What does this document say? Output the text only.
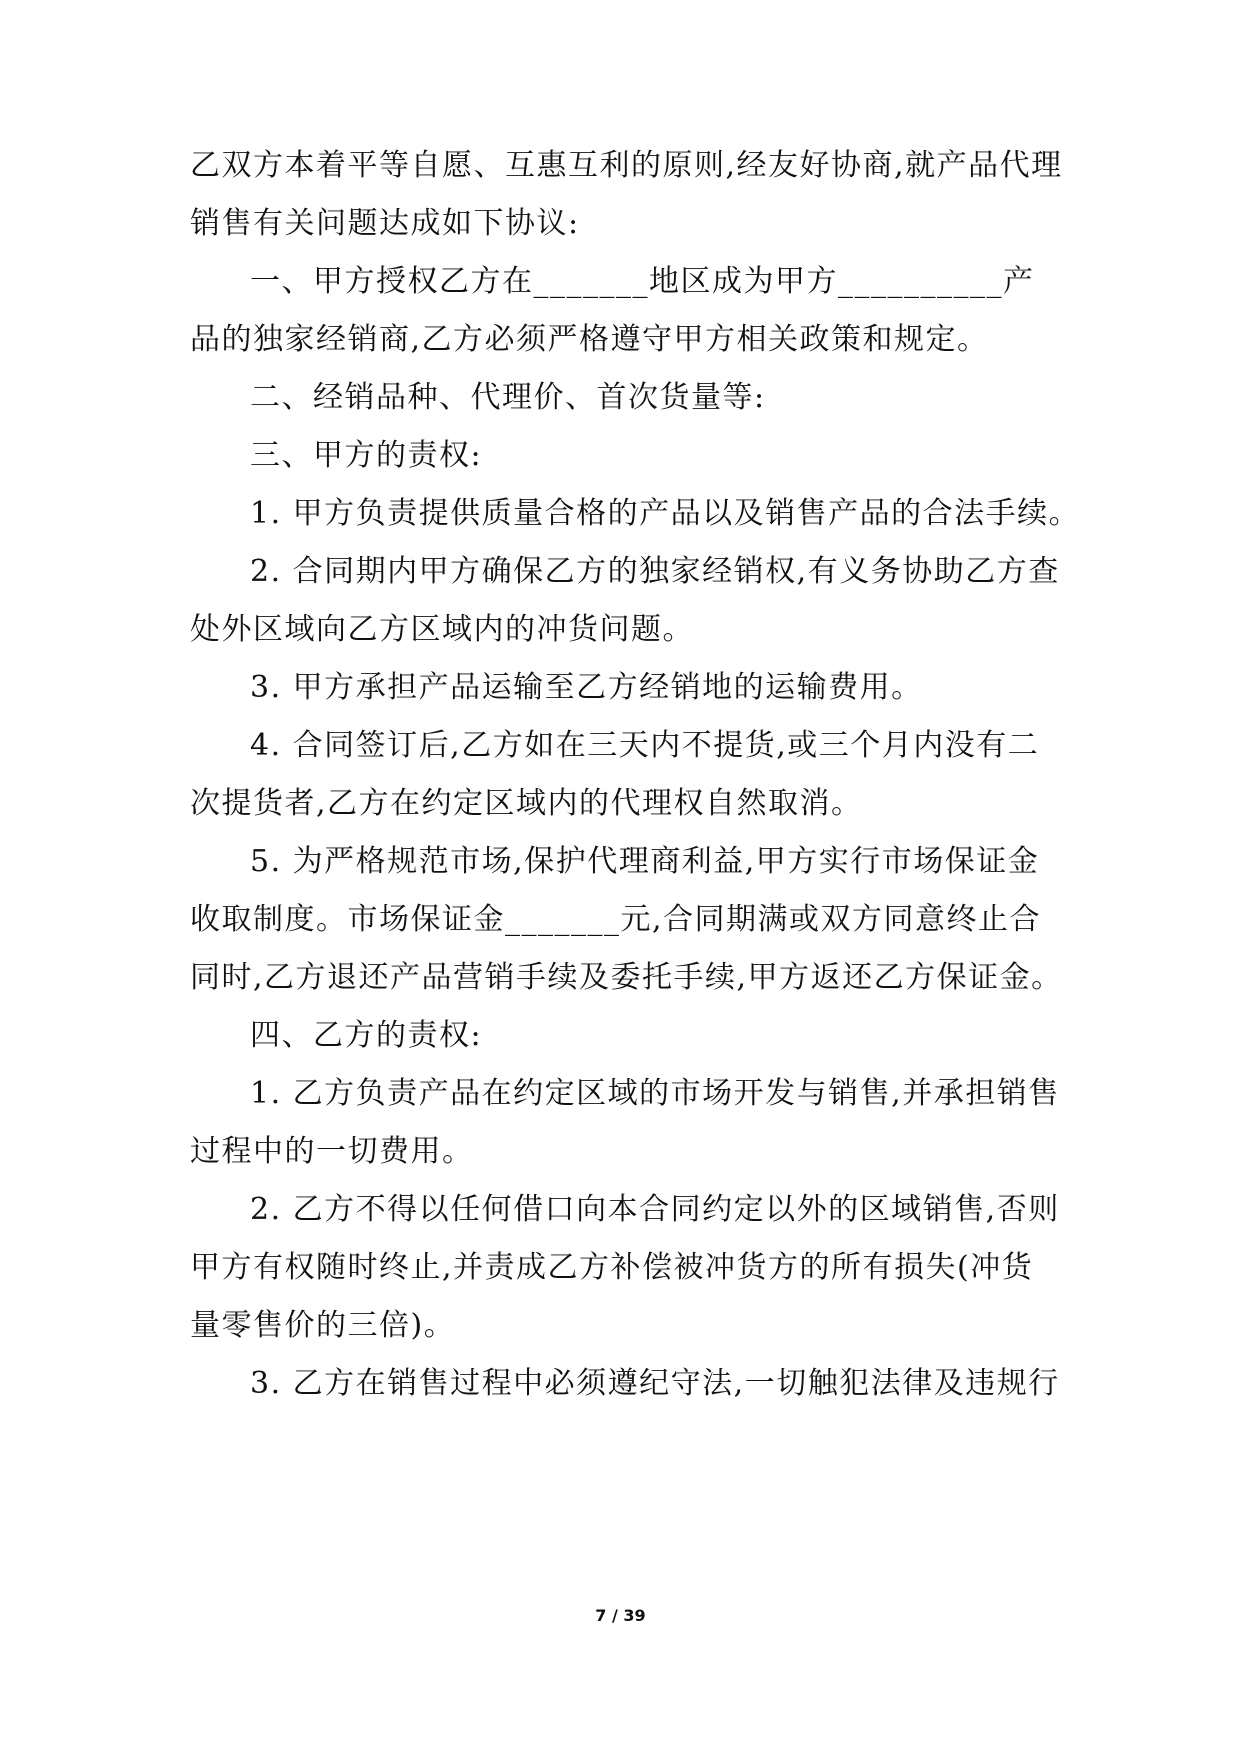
乙双方本着平等自愿、互惠互利的原则,经友好协商,就产品代理
销售有关问题达成如下协议:
一、甲方授权乙方在_______地区成为甲方__________产
品的独家经销商,乙方必须严格遵守甲方相关政策和规定。
二、经销品种、代理价、首次货量等:
三、甲方的责权:
1. 甲方负责提供质量合格的产品以及销售产品的合法手续。
2. 合同期内甲方确保乙方的独家经销权,有义务协助乙方查
处外区域向乙方区域内的冲货问题。
3. 甲方承担产品运输至乙方经销地的运输费用。
4. 合同签订后,乙方如在三天内不提货,或三个月内没有二
次提货者,乙方在约定区域内的代理权自然取消。
5. 为严格规范市场,保护代理商利益,甲方实行市场保证金
收取制度。市场保证金_______元,合同期满或双方同意终止合
同时,乙方退还产品营销手续及委托手续,甲方返还乙方保证金。
四、乙方的责权:
1. 乙方负责产品在约定区域的市场开发与销售,并承担销售
过程中的一切费用。
2. 乙方不得以任何借口向本合同约定以外的区域销售,否则
甲方有权随时终止,并责成乙方补偿被冲货方的所有损失(冲货
量零售价的三倍)。
3. 乙方在销售过程中必须遵纪守法,一切触犯法律及违规行
7 / 39
